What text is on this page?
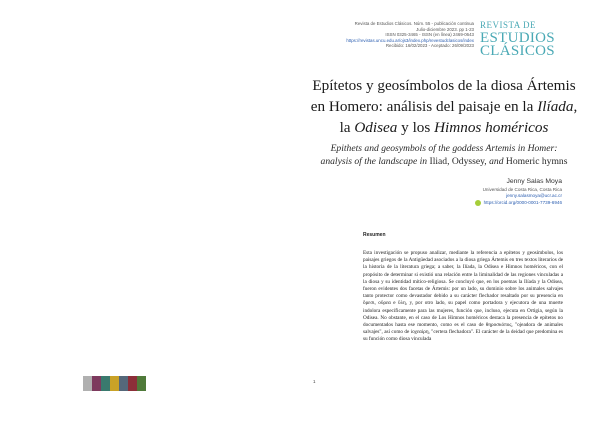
Revista de Estudios Clásicos. Núm. 55 - publicación continua
Julio-diciembre 2023. pp 1-23
ISSN 0325-3465 - ISSN (en línea) 2469-0643
https://revistas.uncu.edu.ar/ojs3/index.php/revestudclasicos/index
Recibido: 16/02/2023 - Aceptado: 26/09/2023
REVISTA DE
ESTUDIOS
CLÁSICOS
Epítetos y geosímbolos de la diosa Ártemis
en Homero: análisis del paisaje en la Ilíada,
la Odisea y los Himnos homéricos
Epithets and geosymbols of the goddess Artemis in Homer:
analysis of the landscape in Iliad, Odyssey, and Homeric hymns
Jenny Salas Moya
Universidad de Costa Rica, Costa Rica
jenny.salasmoya@ucr.ac.cr
https://orcid.org/0000-0001-7739-6946
Resumen

Esta investigación se propuso analizar, mediante la referencia a epítetos y geosímbolos, los paisajes griegos de la Antigüedad asociados a la diosa griega Ártemis en tres textos literarios de la historia de la literatura griega; a saber, la Ilíada, la Odisea e Himnos homéricos, con el propósito de determinar si existió una relación entre la liminalidad de las regiones vinculadas a la diosa y su identidad mítico-religiosa. Se concluyó que, en los poemas la Ilíada y la Odisea, fueron evidentes dos facetas de Ártemis: por un lado, su dominio sobre los animales salvajes tanto protector como devastador debido a su carácter flechador resaltado por su presencia en ὄρεσι, οὔρεα e ὕλη, y, por otro lado, su papel como portadora y ejecutora de una muerte indolora específicamente para las mujeres, función que, incluso, ejecuta en Ortigia, según la Odisea. No obstante, en el caso de Los Himnos homéricos destaca la presencia de epítetos no documentados hasta ese momento, como es el caso de θηροσκόπος, "ojeadora de animales salvajes", así como de ἰοχεαίρη, "certera flechadora". El carácter de la deidad que predomina es su función como diosa vinculada

1
